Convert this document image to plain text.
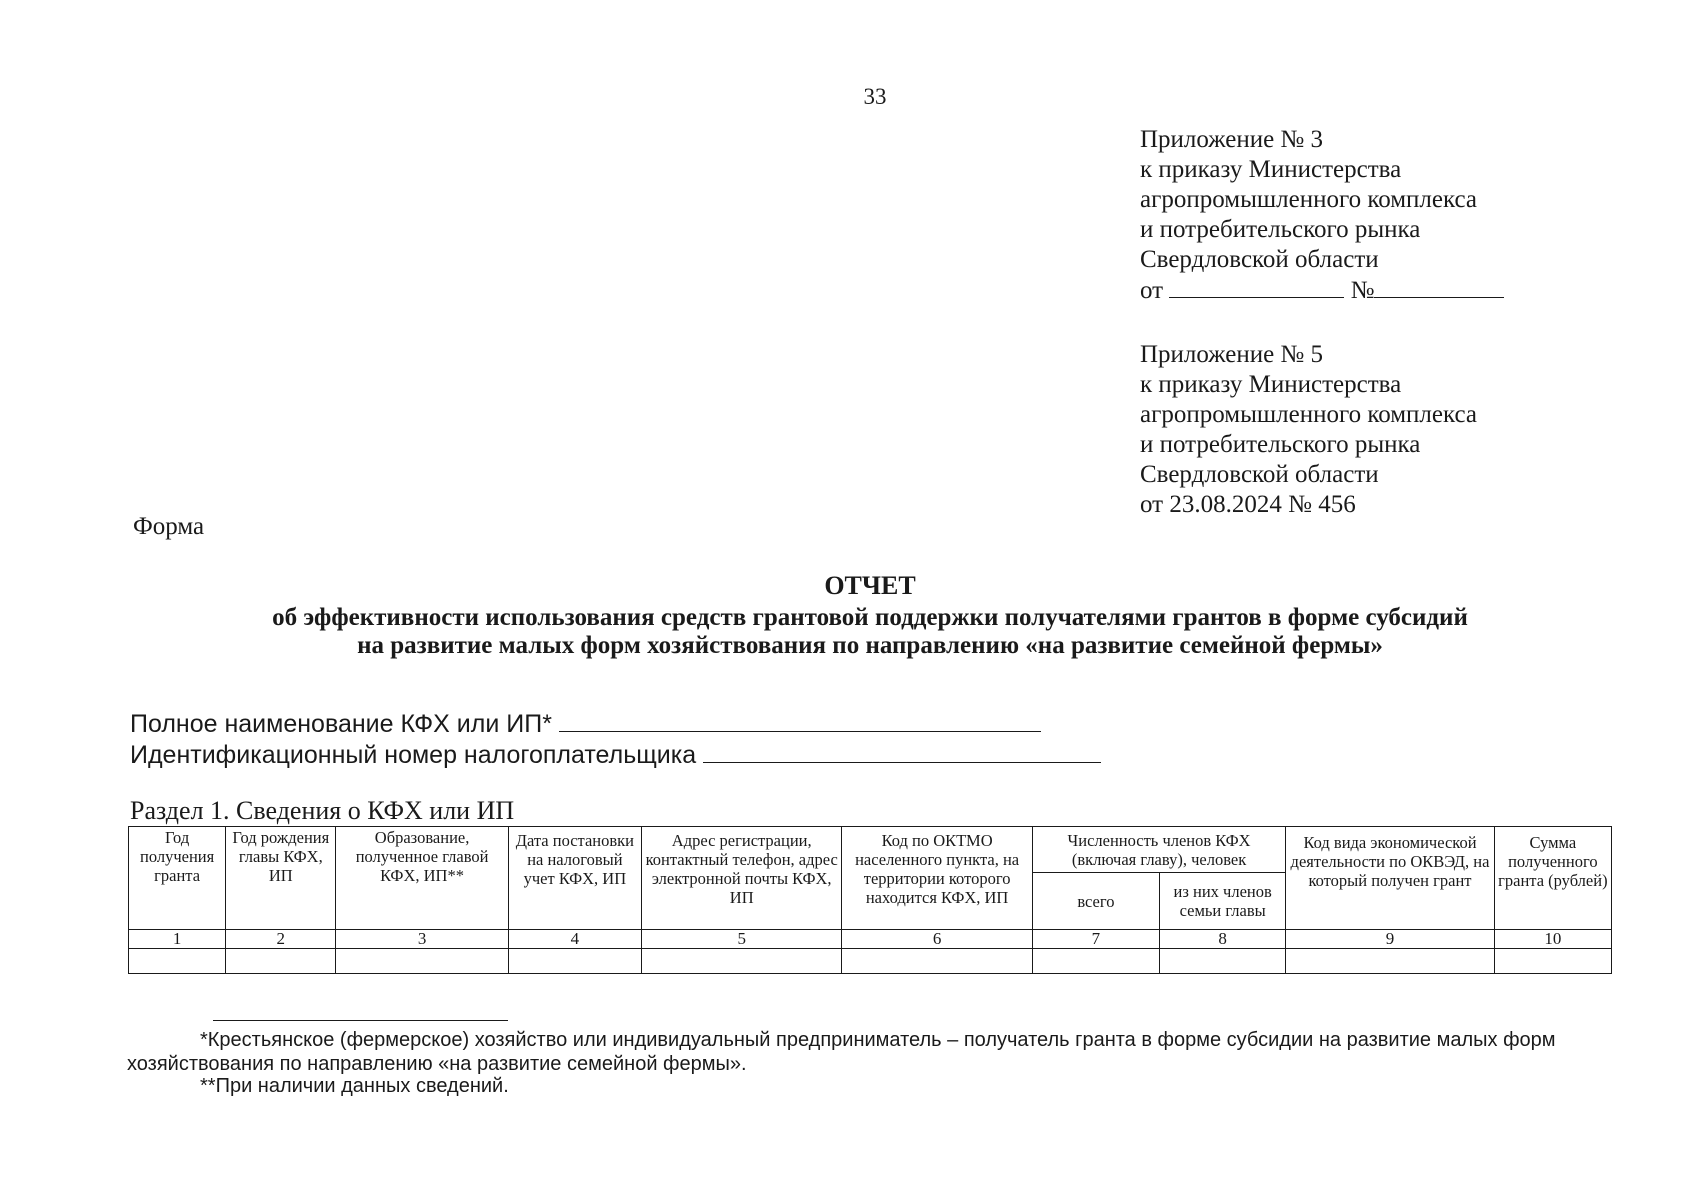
33
Приложение № 3
к приказу Министерства
агропромышленного комплекса
и потребительского рынка
Свердловской области
от	№
Приложение № 5
к приказу Министерства
агропромышленного комплекса
и потребительского рынка
Свердловской области
от 23.08.2024 № 456
Форма
ОТЧЕТ
об эффективности использования средств грантовой поддержки получателями грантов в форме субсидий
на развитие малых форм хозяйствования по направлению «на развитие семейной фермы»
Полное наименование КФХ или ИП*
Идентификационный номер налогоплательщика
Раздел 1. Сведения о КФХ или ИП
Год получения гранта	Год рождения главы КФХ, ИП	Образование, полученное главой КФХ, ИП**	Дата постановки на налоговый учет КФХ, ИП	Адрес регистрации, контактный телефон, адрес электронной почты КФХ, ИП	Код по ОКТМО населенного пункта, на территории которого находится КФХ, ИП	Численность членов КФХ (включая главу), человек		Код вида экономической деятельности по ОКВЭД, на который получен грант	Сумма полученного гранта (рублей)
						всего	из них членов семьи главы		
1	2	3	4	5	6	7	8	9	10

*Крестьянское (фермерское) хозяйство или индивидуальный предприниматель – получатель гранта в форме субсидии на развитие малых форм хозяйствования по направлению «на развитие семейной фермы».
**При наличии данных сведений.
